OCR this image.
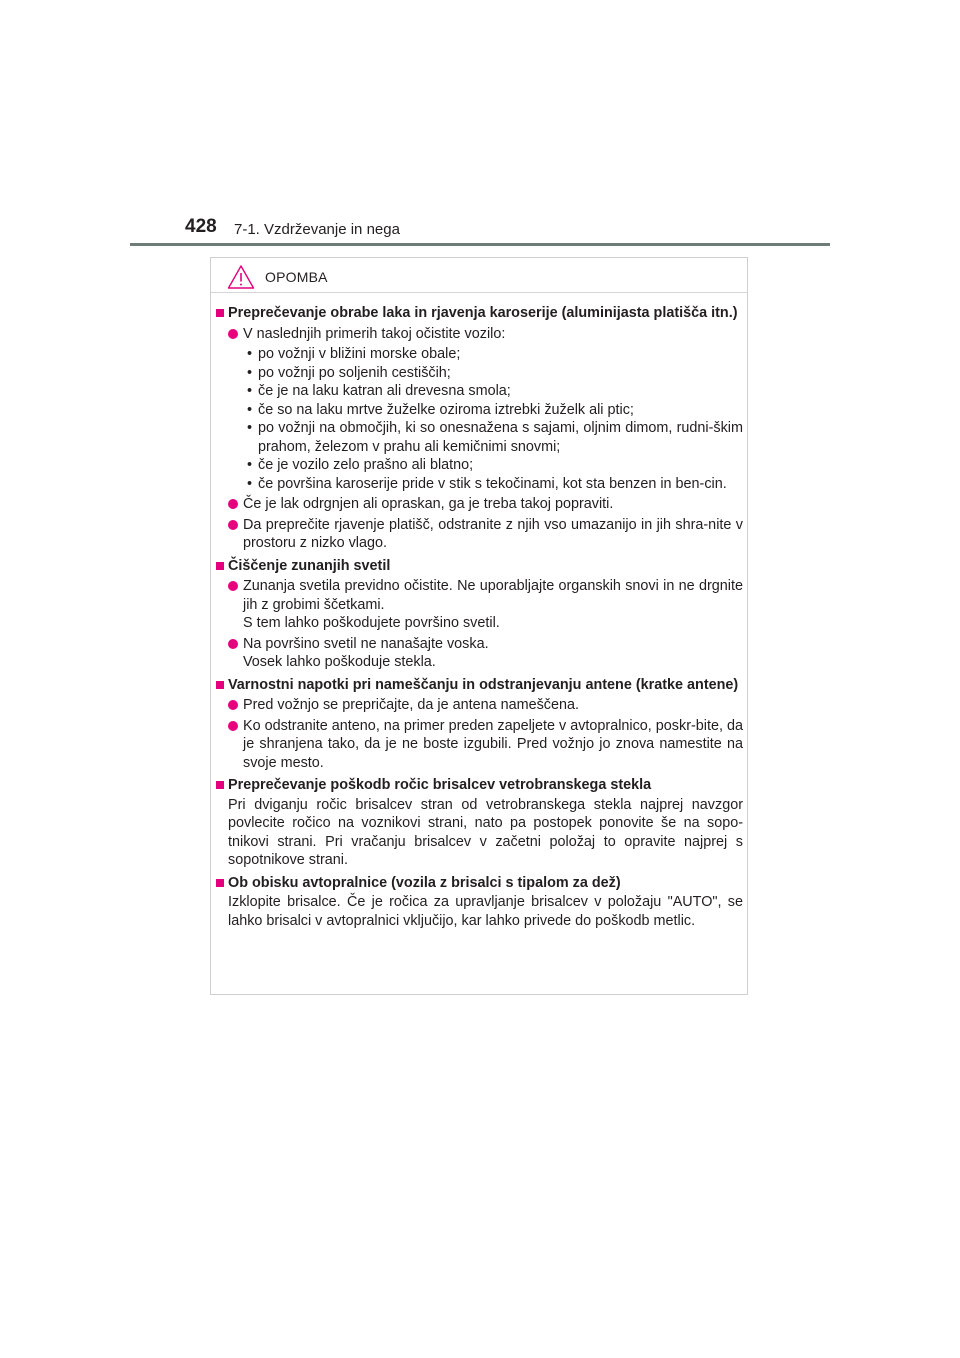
428 7-1. Vzdrževanje in nega
OPOMBA
Preprečevanje obrabe laka in rjavenja karoserije (aluminijasta platišča itn.)
V naslednjih primerih takoj očistite vozilo:
• po vožnji v bližini morske obale;
• po vožnji po soljenih cestiščih;
• če je na laku katran ali drevesna smola;
• če so na laku mrtve žuželke oziroma iztrebki žuželk ali ptic;
• po vožnji na območjih, ki so onesnažena s sajami, oljnim dimom, rudni-škim prahom, železom v prahu ali kemičnimi snovmi;
• če je vozilo zelo prašno ali blatno;
• če površina karoserije pride v stik s tekočinami, kot sta benzen in ben-cin.
Če je lak odrgnjen ali opraskan, ga je treba takoj popraviti.
Da preprečite rjavenje platišč, odstranite z njih vso umazanijo in jih shra-nite v prostoru z nizko vlago.
Čiščenje zunanjih svetil
Zunanja svetila previdno očistite. Ne uporabljajte organskih snovi in ne drgnite jih z grobimi ščetkami.
S tem lahko poškodujete površino svetil.
Na površino svetil ne nanašajte voska.
Vosek lahko poškoduje stekla.
Varnostni napotki pri nameščanju in odstranjevanju antene (kratke antene)
Pred vožnjo se prepričajte, da je antena nameščena.
Ko odstranite anteno, na primer preden zapeljete v avtopralnico, poskr-bite, da je shranjena tako, da je ne boste izgubili. Pred vožnjo jo znova namestite na svoje mesto.
Preprečevanje poškodb ročic brisalcev vetrobranskega stekla
Pri dviganju ročic brisalcev stran od vetrobranskega stekla najprej navzgor povlecite ročico na voznikovi strani, nato pa postopek ponovite še na sopo-tnikovi strani. Pri vračanju brisalcev v začetni položaj to opravite najprej s sopotnikove strani.
Ob obisku avtopralnice (vozila z brisalci s tipalom za dež)
Izklopite brisalce. Če je ročica za upravljanje brisalcev v položaju "AUTO", se lahko brisalci v avtopralnici vključijo, kar lahko privede do poškodb metlic.
